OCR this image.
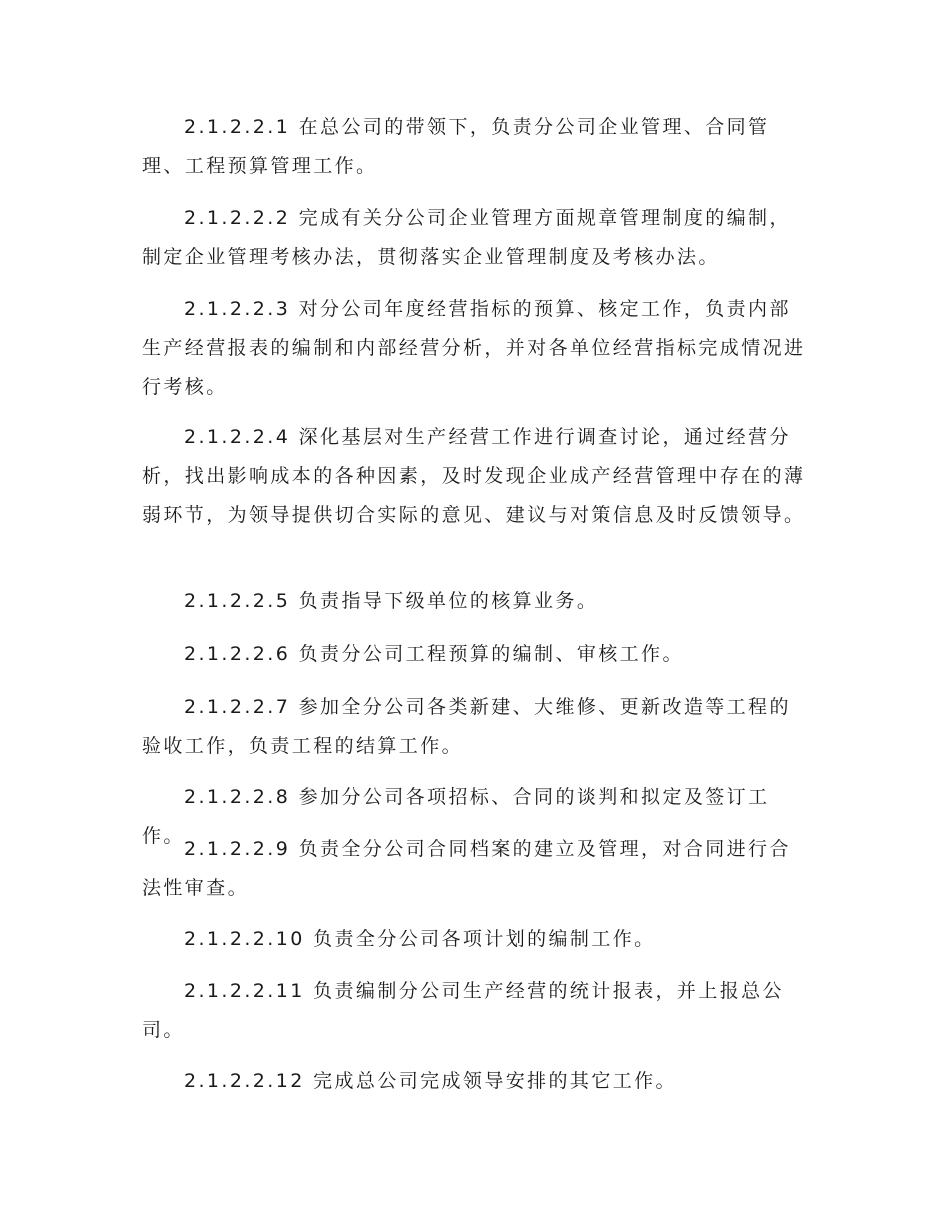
2.1.2.2.1 在总公司的带领下，负责分公司企业管理、合同管理、工程预算管理工作。

2.1.2.2.2 完成有关分公司企业管理方面规章管理制度的编制，制定企业管理考核办法，贯彻落实企业管理制度及考核办法。

2.1.2.2.3 对分公司年度经营指标的预算、核定工作，负责内部生产经营报表的编制和内部经营分析，并对各单位经营指标完成情况进行考核。

2.1.2.2.4 深化基层对生产经营工作进行调查讨论，通过经营分析，找出影响成本的各种因素，及时发现企业成产经营管理中存在的薄弱环节，为领导提供切合实际的意见、建议与对策信息及时反馈领导。

2.1.2.2.5 负责指导下级单位的核算业务。

2.1.2.2.6 负责分公司工程预算的编制、审核工作。

2.1.2.2.7 参加全分公司各类新建、大维修、更新改造等工程的验收工作，负责工程的结算工作。

2.1.2.2.8 参加分公司各项招标、合同的谈判和拟定及签订工作。

2.1.2.2.9 负责全分公司合同档案的建立及管理，对合同进行合法性审查。

2.1.2.2.10 负责全分公司各项计划的编制工作。

2.1.2.2.11 负责编制分公司生产经营的统计报表，并上报总公司。

2.1.2.2.12 完成总公司完成领导安排的其它工作。
